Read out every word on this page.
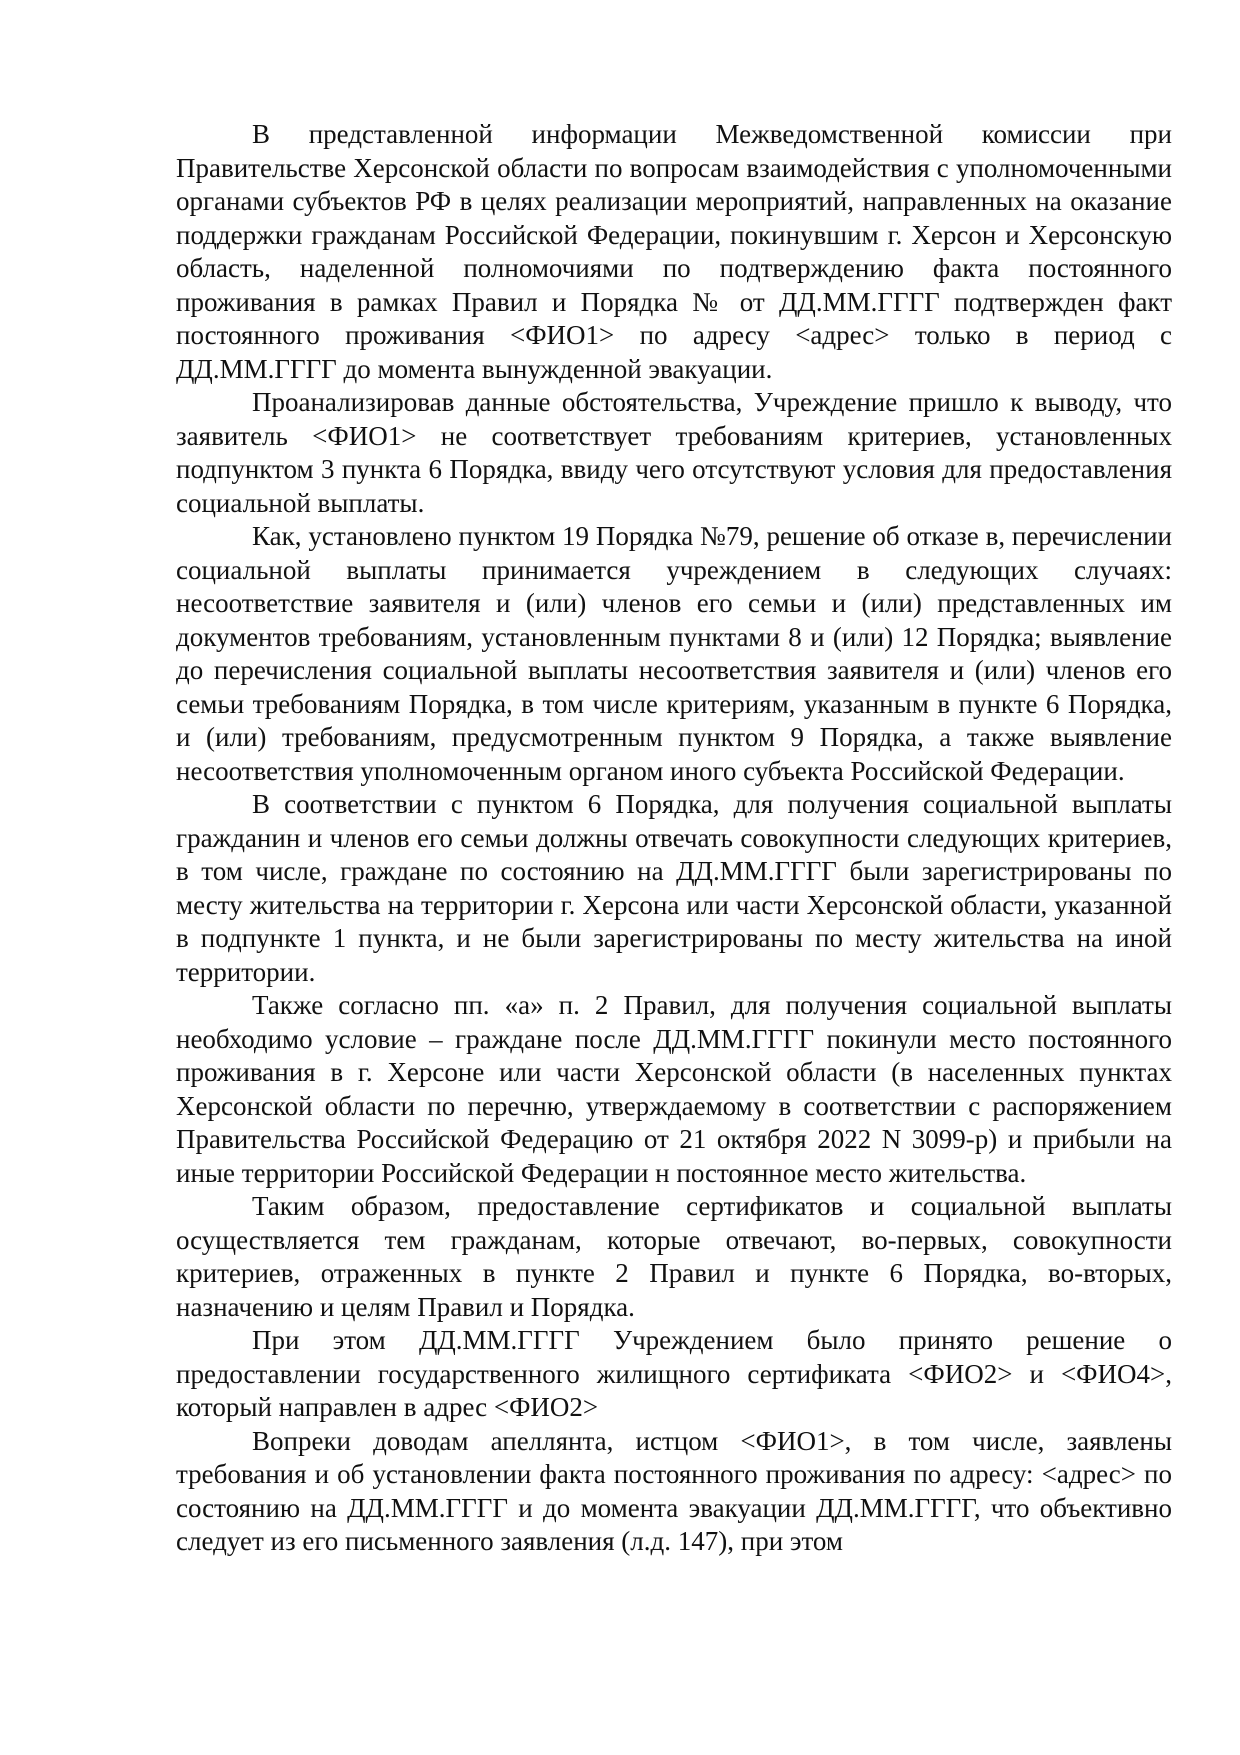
В представленной информации Межведомственной комиссии при Правительстве Херсонской области по вопросам взаимодействия с уполномоченными органами субъектов РФ в целях реализации мероприятий, направленных на оказание поддержки гражданам Российской Федерации, покинувшим г. Херсон и Херсонскую область, наделенной полномочиями по подтверждению факта постоянного проживания в рамках Правил и Порядка № от ДД.ММ.ГГГГ подтвержден факт постоянного проживания <ФИО1> по адресу <адрес> только в период с ДД.ММ.ГГГГ до момента вынужденной эвакуации.

Проанализировав данные обстоятельства, Учреждение пришло к выводу, что заявитель <ФИО1> не соответствует требованиям критериев, установленных подпунктом 3 пункта 6 Порядка, ввиду чего отсутствуют условия для предоставления социальной выплаты.

Как, установлено пунктом 19 Порядка №79, решение об отказе в, перечислении социальной выплаты принимается учреждением в следующих случаях: несоответствие заявителя и (или) членов его семьи и (или) представленных им документов требованиям, установленным пунктами 8 и (или) 12 Порядка; выявление до перечисления социальной выплаты несоответствия заявителя и (или) членов его семьи требованиям Порядка, в том числе критериям, указанным в пункте 6 Порядка, и (или) требованиям, предусмотренным пунктом 9 Порядка, а также выявление несоответствия уполномоченным органом иного субъекта Российской Федерации.

В соответствии с пунктом 6 Порядка, для получения социальной выплаты гражданин и членов его семьи должны отвечать совокупности следующих критериев, в том числе, граждане по состоянию на ДД.ММ.ГГГГ были зарегистрированы по месту жительства на территории г. Херсона или части Херсонской области, указанной в подпункте 1 пункта, и не были зарегистрированы по месту жительства на иной территории.

Также согласно пп. «а» п. 2 Правил, для получения социальной выплаты необходимо условие – граждане после ДД.ММ.ГГГГ покинули место постоянного проживания в г. Херсоне или части Херсонской области (в населенных пунктах Херсонской области по перечню, утверждаемому в соответствии с распоряжением Правительства Российской Федерацию от 21 октября 2022 N 3099-р) и прибыли на иные территории Российской Федерации н постоянное место жительства.

Таким образом, предоставление сертификатов и социальной выплаты осуществляется тем гражданам, которые отвечают, во-первых, совокупности критериев, отраженных в пункте 2 Правил и пункте 6 Порядка, во-вторых, назначению и целям Правил и Порядка.

При этом ДД.ММ.ГГГГ Учреждением было принято решение о предоставлении государственного жилищного сертификата <ФИО2> и <ФИО4>, который направлен в адрес <ФИО2>

Вопреки доводам апеллянта, истцом <ФИО1>, в том числе, заявлены требования и об установлении факта постоянного проживания по адресу: <адрес> по состоянию на ДД.ММ.ГГГГ и до момента эвакуации ДД.ММ.ГГГГ, что объективно следует из его письменного заявления (л.д. 147), при этом
